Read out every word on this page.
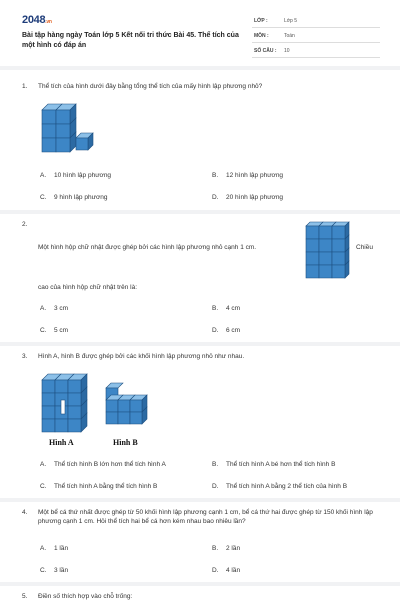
2048.vn
Bài tập hàng ngày Toán lớp 5 Kết nối tri thức Bài 45. Thể tích của một hình có đáp án
LỚP :	Lớp 5
MÔN :	Toán
SỐ CÂU : 10
1. Thể tích của hình dưới đây bằng tổng thể tích của mấy hình lập phương nhỏ?
A. 10 hình lập phương	B. 12 hình lập phương
C. 9 hình lập phương	D. 20 hình lập phương
2.
Một hình hộp chữ nhật được ghép bởi các hình lập phương nhỏ cạnh 1 cm.	Chiều
cao của hình hộp chữ nhật trên là:
A. 3 cm	B. 4 cm
C. 5 cm	D. 6 cm
3. Hình A, hình B được ghép bởi các khối hình lập phương nhỏ như nhau.
Hình A	Hình B
A. Thể tích hình B lớn hơn thể tích hình A	B. Thể tích hình A bé hơn thể tích hình B
C. Thể tích hình A bằng thể tích hình B	D. Thể tích hình A bằng 2 thể tích của hình B
4. Một bể cá thứ nhất được ghép từ 50 khối hình lập phương cạnh 1 cm, bể cá thứ hai được ghép từ 150 khối hình lập phương cạnh 1 cm. Hỏi thể tích hai bể cá hơn kém nhau bao nhiêu lần?
A. 1 lần	B. 2 lần
C. 3 lần	D. 4 lần
5. Điền số thích hợp vào chỗ trống:
